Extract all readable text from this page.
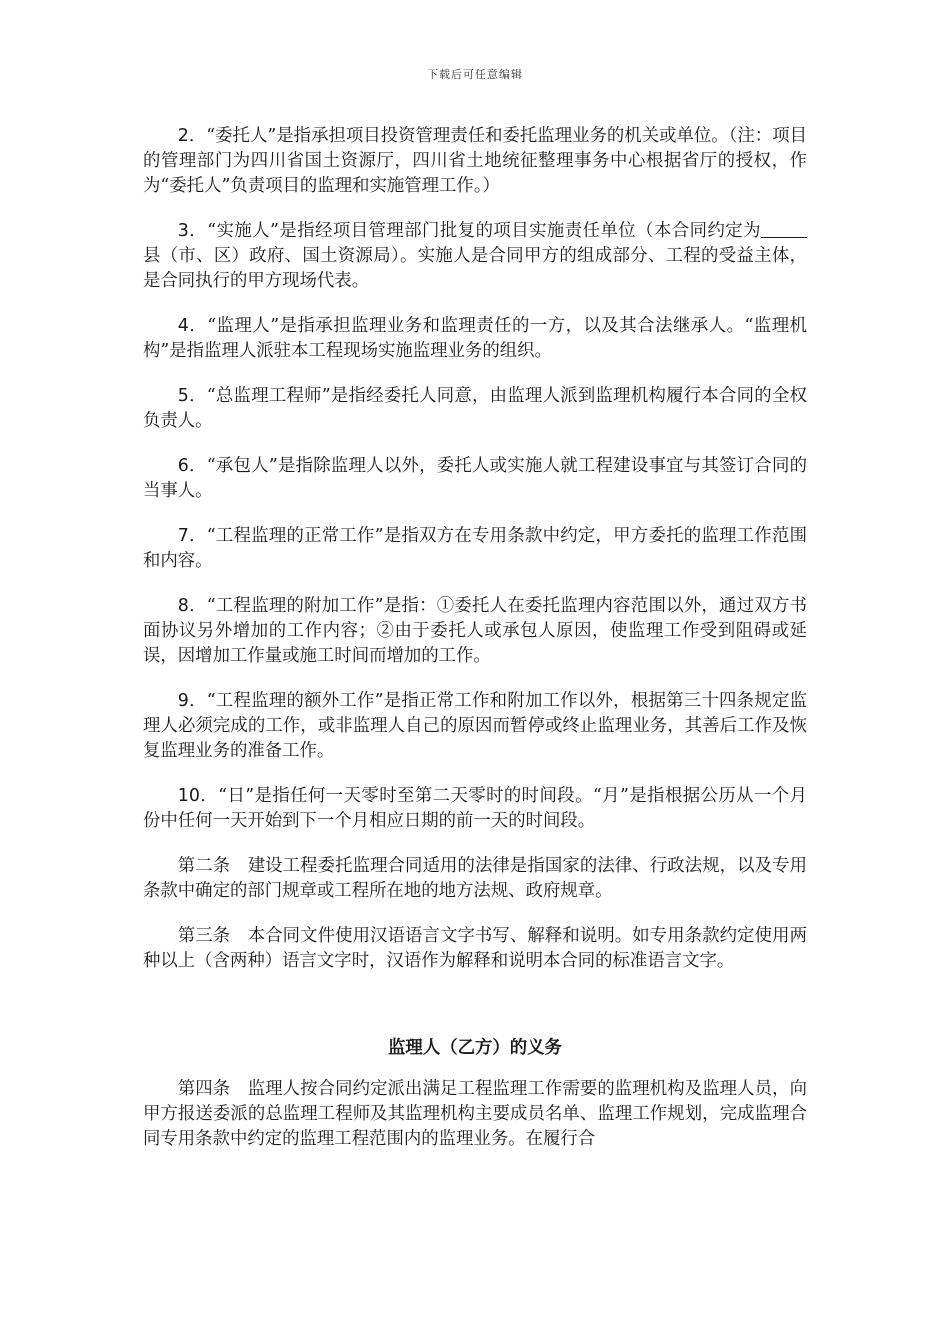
下载后可任意编辑

2．“委托人”是指承担项目投资管理责任和委托监理业务的机关或单位。（注：项目的管理部门为四川省国土资源厅，四川省土地统征整理事务中心根据省厅的授权，作为“委托人”负责项目的监理和实施管理工作。）

3．“实施人”是指经项目管理部门批复的项目实施责任单位（本合同约定为县（市、区）政府、国土资源局）。实施人是合同甲方的组成部分、工程的受益主体，是合同执行的甲方现场代表。

4．“监理人”是指承担监理业务和监理责任的一方，以及其合法继承人。“监理机构”是指监理人派驻本工程现场实施监理业务的组织。

5．“总监理工程师”是指经委托人同意，由监理人派到监理机构履行本合同的全权负责人。

6．“承包人”是指除监理人以外，委托人或实施人就工程建设事宜与其签订合同的当事人。

7．“工程监理的正常工作”是指双方在专用条款中约定，甲方委托的监理工作范围和内容。

8．“工程监理的附加工作”是指：①委托人在委托监理内容范围以外，通过双方书面协议另外增加的工作内容；②由于委托人或承包人原因，使监理工作受到阻碍或延误，因增加工作量或施工时间而增加的工作。

9．“工程监理的额外工作”是指正常工作和附加工作以外，根据第三十四条规定监理人必须完成的工作，或非监理人自己的原因而暂停或终止监理业务，其善后工作及恢复监理业务的准备工作。

10．“日”是指任何一天零时至第二天零时的时间段。“月”是指根据公历从一个月份中任何一天开始到下一个月相应日期的前一天的时间段。

第二条　建设工程委托监理合同适用的法律是指国家的法律、行政法规，以及专用条款中确定的部门规章或工程所在地的地方法规、政府规章。

第三条　本合同文件使用汉语语言文字书写、解释和说明。如专用条款约定使用两种以上（含两种）语言文字时，汉语作为解释和说明本合同的标准语言文字。

监理人（乙方）的义务

第四条　监理人按合同约定派出满足工程监理工作需要的监理机构及监理人员，向甲方报送委派的总监理工程师及其监理机构主要成员名单、监理工作规划，完成监理合同专用条款中约定的监理工程范围内的监理业务。在履行合
